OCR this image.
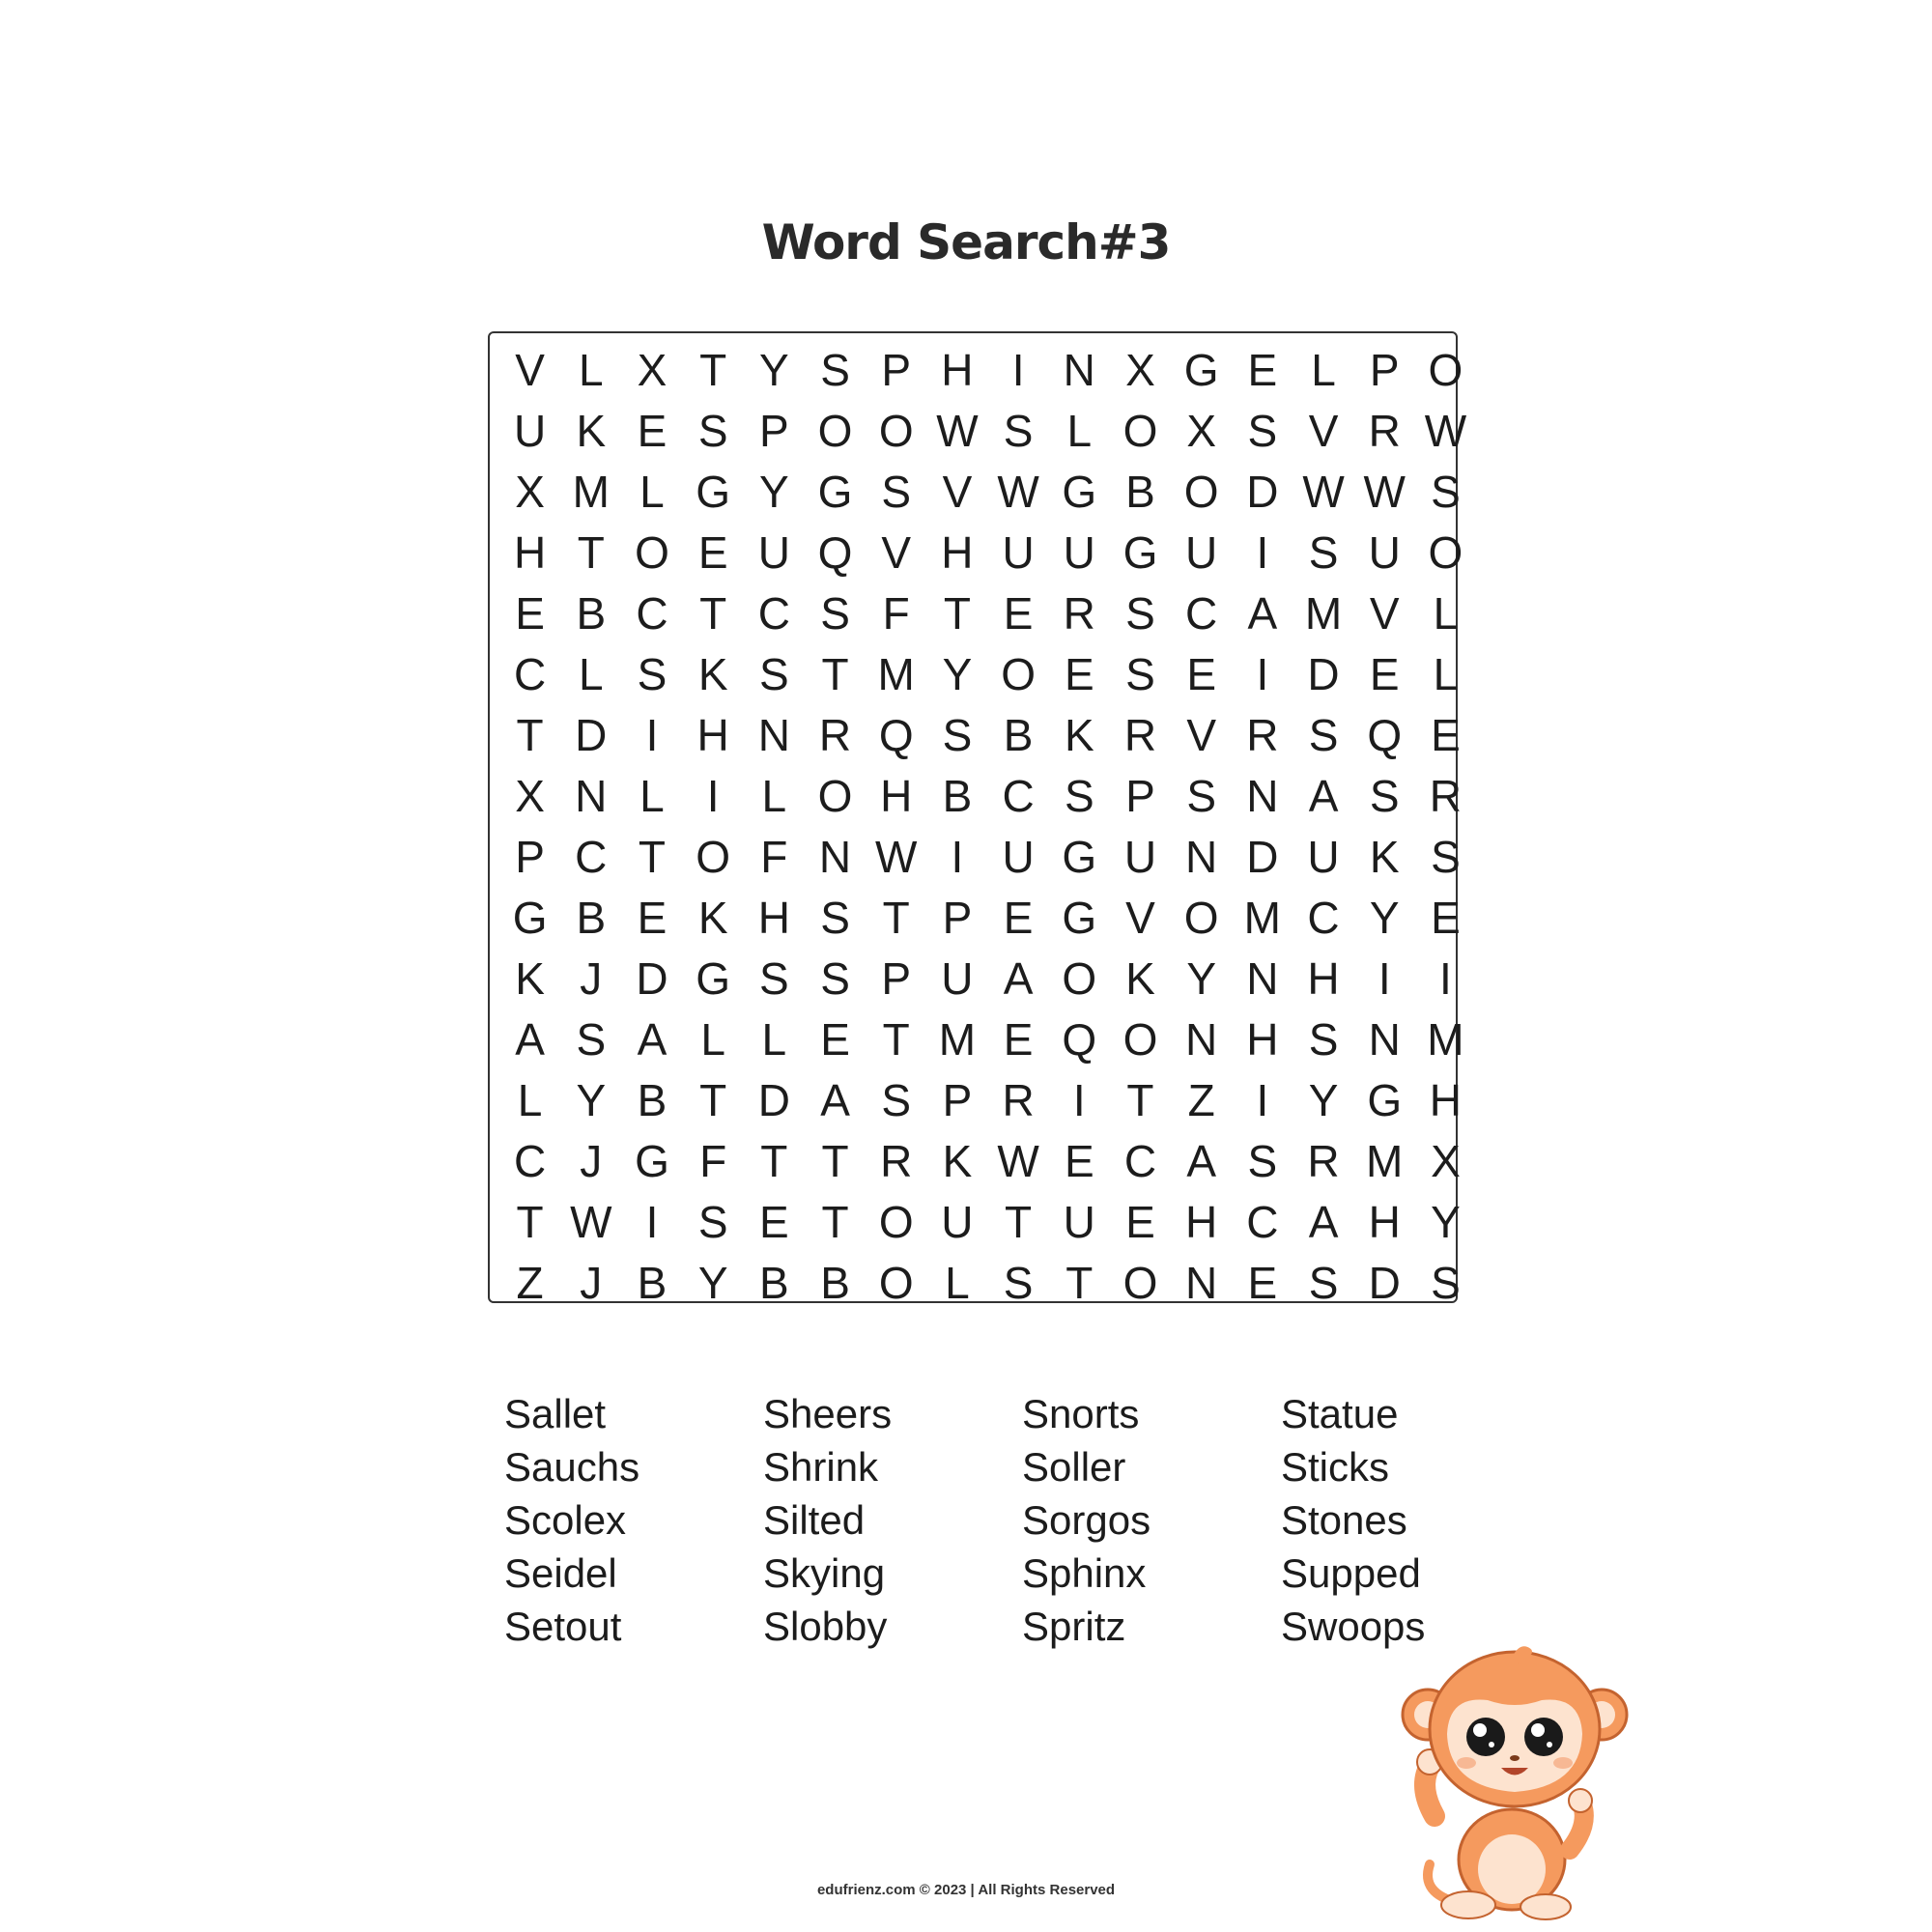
Word Search#3
V L X T Y S P H I N X G E L P O
U K E S P O O W S L O X S V R W
X M L G Y G S V W G B O D W W S
H T O E U Q V H U U G U I S U O
E B C T C S F T E R S C A M V L
C L S K S T M Y O E S E I D E L
T D I H N R Q S B K R V R S Q E
X N L I L O H B C S P S N A S R
P C T O F N W I U G U N D U K S
G B E K H S T P E G V O M C Y E
K J D G S S P U A O K Y N H I	I
A S A L L E T M E Q O N H S N M
L Y B T D A S P R I T Z I Y G H
C J G F T T R K W E C A S R M X
T W I S E T O U T U E H C A H Y
Z J B Y B B O L S T O N E S D S
Sallet
Sauchs
Scolex
Seidel
Setout
Sheers
Shrink
Silted
Skying
Slobby
Snorts
Soller
Sorgos
Sphinx
Spritz
Statue
Sticks
Stones
Supped
Swoops
edufrienz.com © 2023 | All Rights Reserved
